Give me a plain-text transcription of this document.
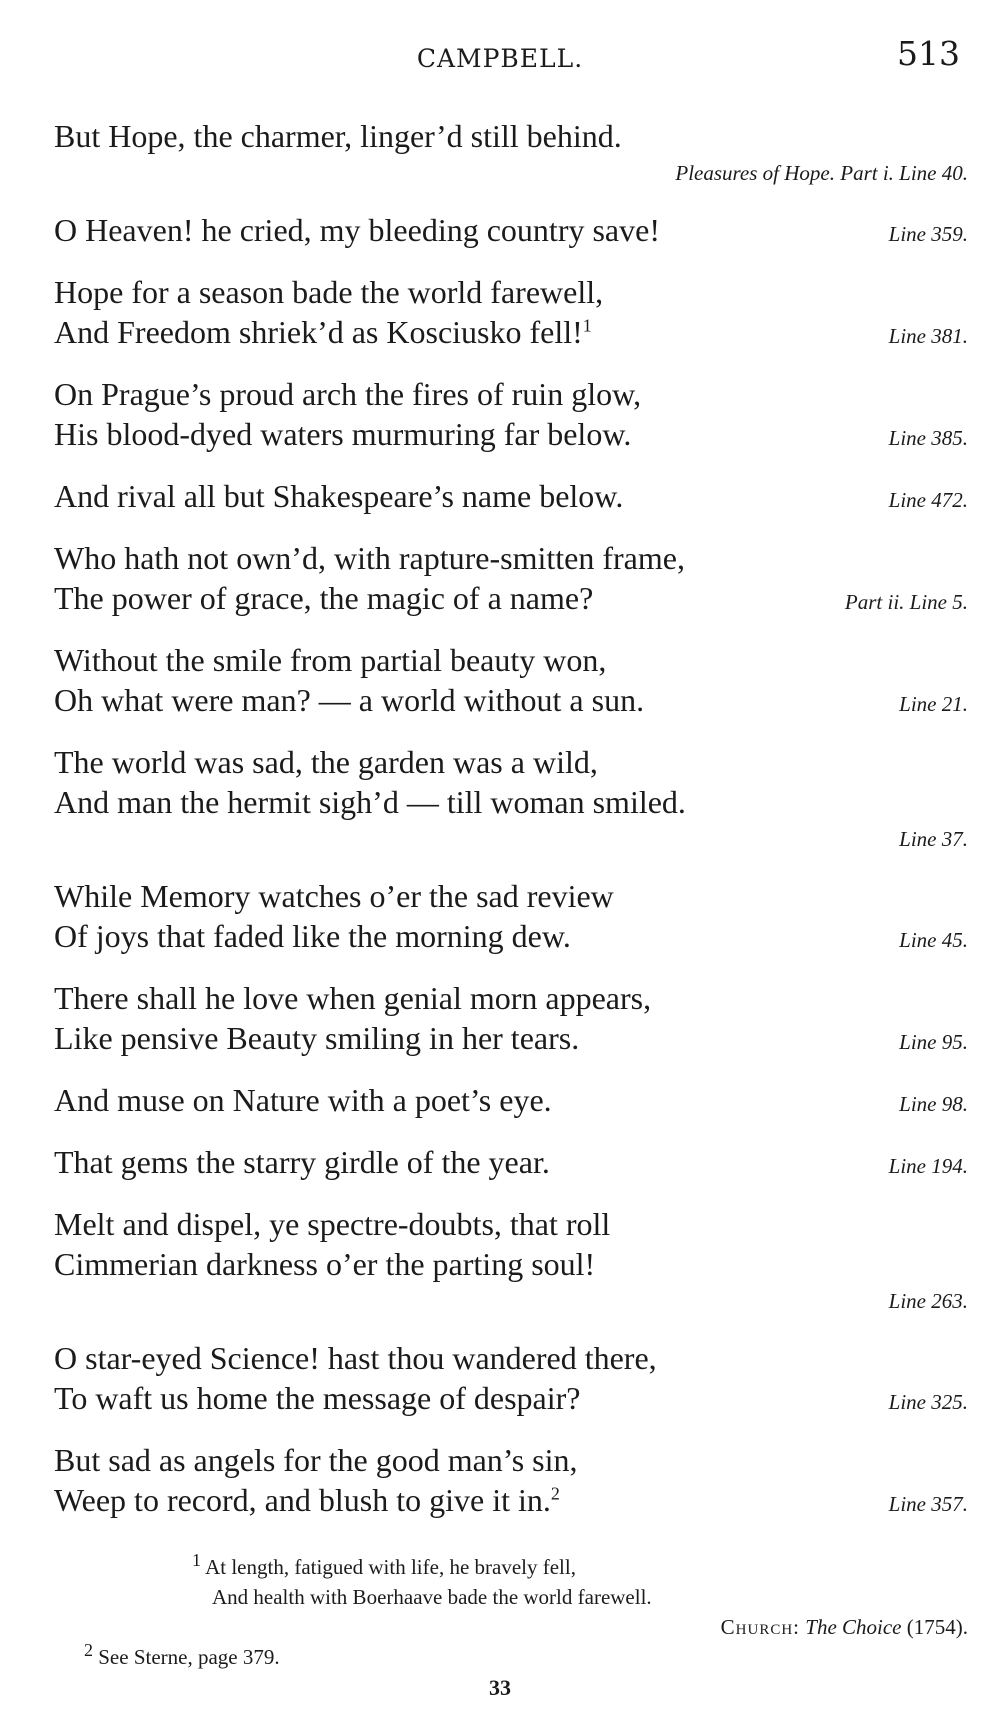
CAMPBELL.	513
But Hope, the charmer, linger’d still behind.
Pleasures of Hope. Part i. Line 40.
O Heaven! he cried, my bleeding country save!	Line 359.
Hope for a season bade the world farewell,
And Freedom shriek’d as Kosciusko fell!$^1$	Line 381.
On Prague’s proud arch the fires of ruin glow,
His blood-dyed waters murmuring far below.	Line 385.
And rival all but Shakespeare’s name below.	Line 472.
Who hath not own’d, with rapture-smitten frame,
The power of grace, the magic of a name?	Part ii. Line 5.
Without the smile from partial beauty won,
Oh what were man? — a world without a sun.	Line 21.
The world was sad, the garden was a wild,
And man the hermit sigh’d — till woman smiled.
Line 37.
While Memory watches o’er the sad review
Of joys that faded like the morning dew.	Line 45.
There shall he love when genial morn appears,
Like pensive Beauty smiling in her tears.	Line 95.
And muse on Nature with a poet’s eye.	Line 98.
That gems the starry girdle of the year.	Line 194.
Melt and dispel, ye spectre-doubts, that roll
Cimmerian darkness o’er the parting soul!
Line 263.
O star-eyed Science! hast thou wandered there,
To waft us home the message of despair?	Line 325.
But sad as angels for the good man’s sin,
Weep to record, and blush to give it in.$^2$	Line 357.
$^1$ At length, fatigued with life, he bravely fell,
And health with Boerhaave bade the world farewell.
Church: The Choice (1754).
$^2$ See Sterne, page 379.
33
